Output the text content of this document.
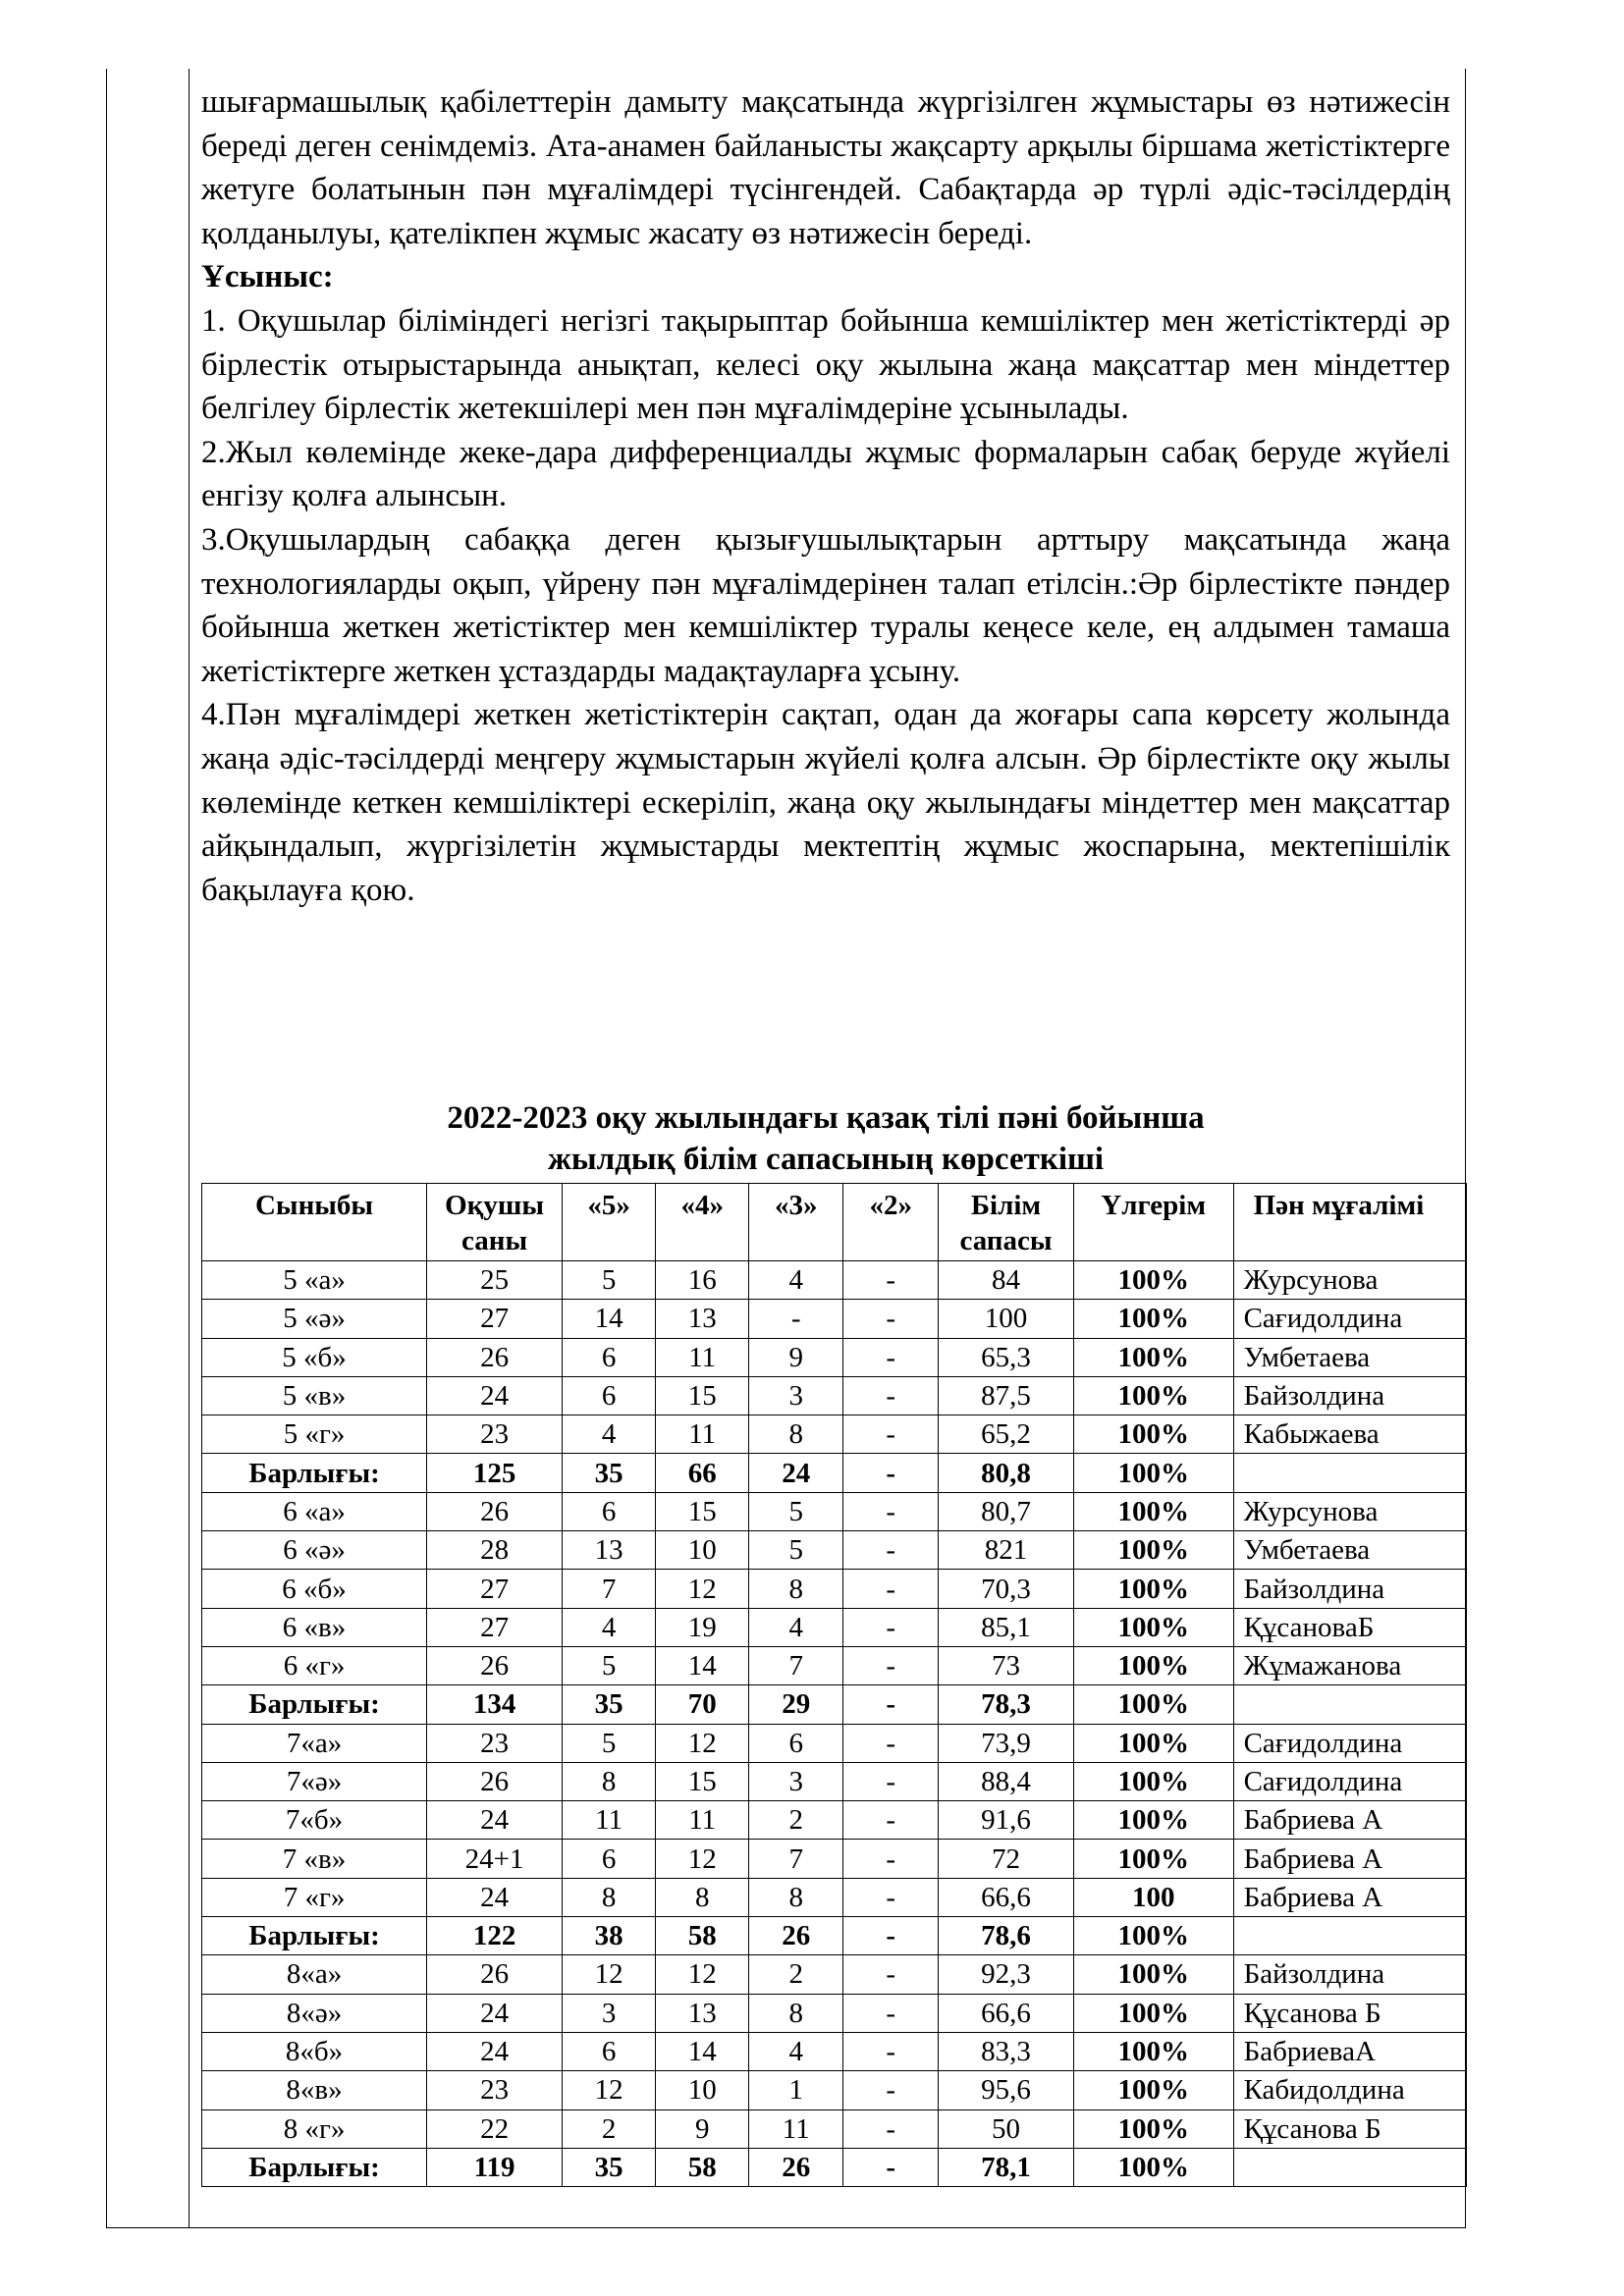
шығармашылық қабілеттерін дамыту мақсатында жүргізілген жұмыстары өз нәтижесін береді деген сенімдеміз. Ата-анамен байланысты жақсарту арқылы біршама жетістіктерге жетуге болатынын пән мұғалімдері түсінгендей. Сабақтарда әр түрлі әдіс-тәсілдердің қолданылуы, қателікпен жұмыс жасату өз нәтижесін береді.

Ұсыныс:

1. Оқушылар біліміндегі негізгі тақырыптар бойынша кемшіліктер мен жетістіктерді әр бірлестік отырыстарында анықтап, келесі оқу жылына жаңа мақсаттар мен міндеттер белгілеу бірлестік жетекшілері мен пән мұғалімдеріне ұсынылады.

2.Жыл көлемінде жеке-дара дифференциалды жұмыс формаларын сабақ беруде жүйелі енгізу қолға алынсын.

3.Оқушылардың сабаққа деген қызығушылықтарын арттыру мақсатында жаңа технологияларды оқып, үйрену пән мұғалімдерінен талап етілсін.:Әр бірлестікте пәндер бойынша жеткен жетістіктер мен кемшіліктер туралы кеңесе келе, ең алдымен тамаша жетістіктерге жеткен ұстаздарды мадақтауларға ұсыну.

4.Пән мұғалімдері жеткен жетістіктерін сақтап, одан да жоғары сапа көрсету жолында жаңа әдіс-тәсілдерді меңгеру жұмыстарын жүйелі қолға алсын. Әр бірлестікте оқу жылы көлемінде кеткен кемшіліктері ескеріліп, жаңа оқу жылындағы міндеттер мен мақсаттар айқындалып, жүргізілетін жұмыстарды мектептің жұмыс жоспарына, мектепішілік бақылауға қою.

2022-2023 оқу жылындағы қазақ тілі пәні бойынша

жылдық білім сапасының көрсеткіші

Сыныбы	Оқушы саны	«5»	«4»	«3»	«2»	Білім сапасы	Үлгерім	Пән мұғалімі
5 «а»	25	5	16	4	-	84	100%	Журсунова
5 «ә»	27	14	13	-	-	100	100%	Сағидолдина
5 «б»	26	6	11	9	-	65,3	100%	Умбетаева
5 «в»	24	6	15	3	-	87,5	100%	Байзолдина
5 «г»	23	4	11	8	-	65,2	100%	Кабыжаева
Барлығы:	125	35	66	24	-	80,8	100%	
6 «а»	26	6	15	5	-	80,7	100%	Журсунова
6 «ә»	28	13	10	5	-	821	100%	Умбетаева
6 «б»	27	7	12	8	-	70,3	100%	Байзолдина
6 «в»	27	4	19	4	-	85,1	100%	ҚұсановаБ
6 «г»	26	5	14	7	-	73	100%	Жұмажанова
Барлығы:	134	35	70	29	-	78,3	100%	
7«а»	23	5	12	6	-	73,9	100%	Сағидолдина
7«ә»	26	8	15	3	-	88,4	100%	Сағидолдина
7«б»	24	11	11	2	-	91,6	100%	Бабриева А
7 «в»	24+1	6	12	7	-	72	100%	Бабриева А
7 «г»	24	8	8	8	-	66,6	100	Бабриева А
Барлығы:	122	38	58	26	-	78,6	100%	
8«а»	26	12	12	2	-	92,3	100%	Байзолдина
8«ә»	24	3	13	8	-	66,6	100%	Құсанова Б
8«б»	24	6	14	4	-	83,3	100%	БабриеваА
8«в»	23	12	10	1	-	95,6	100%	Кабидолдина
8 «г»	22	2	9	11	-	50	100%	Құсанова Б
Барлығы:	119	35	58	26	-	78,1	100%	
